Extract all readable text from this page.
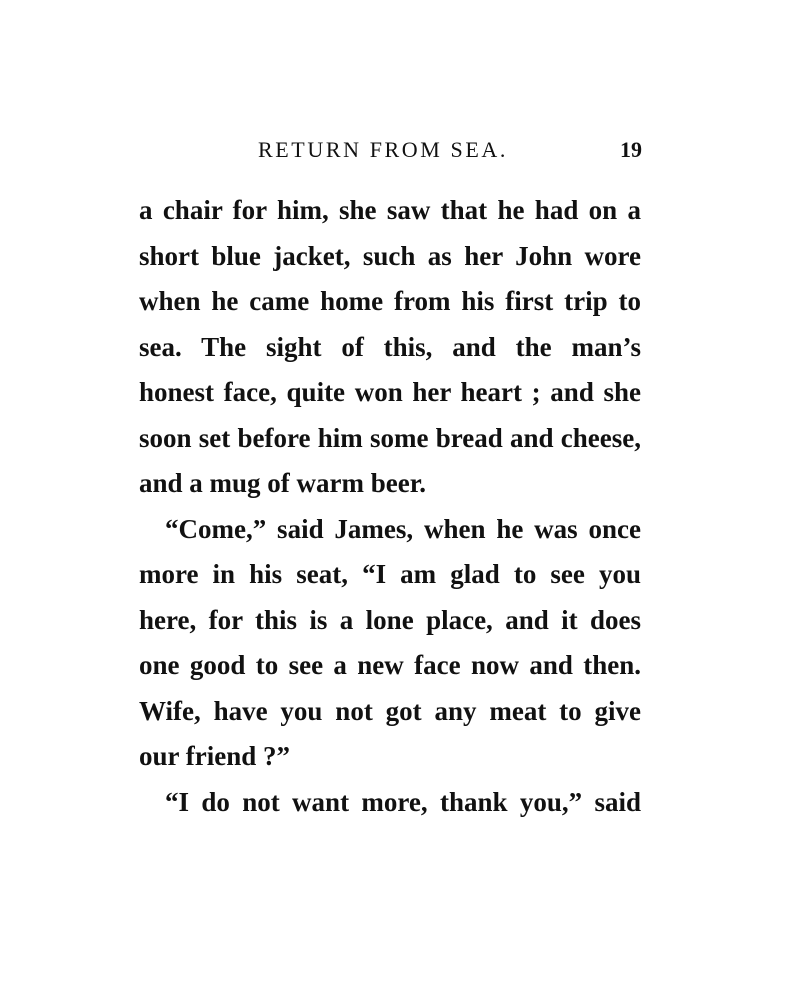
RETURN FROM SEA.	19
a chair for him, she saw that he had on a
short blue jacket, such as her John wore
when he came home from his first trip to
sea. The sight of this, and the man’s
honest face, quite won her heart ; and she
soon set before him some bread and cheese,
and a mug of warm beer.
“Come,” said James, when he was once
more in his seat, “I am glad to see you
here, for this is a lone place, and it does
one good to see a new face now and then.
Wife, have you not got any meat to give
our friend ?”
“I do not want more, thank you,” said
